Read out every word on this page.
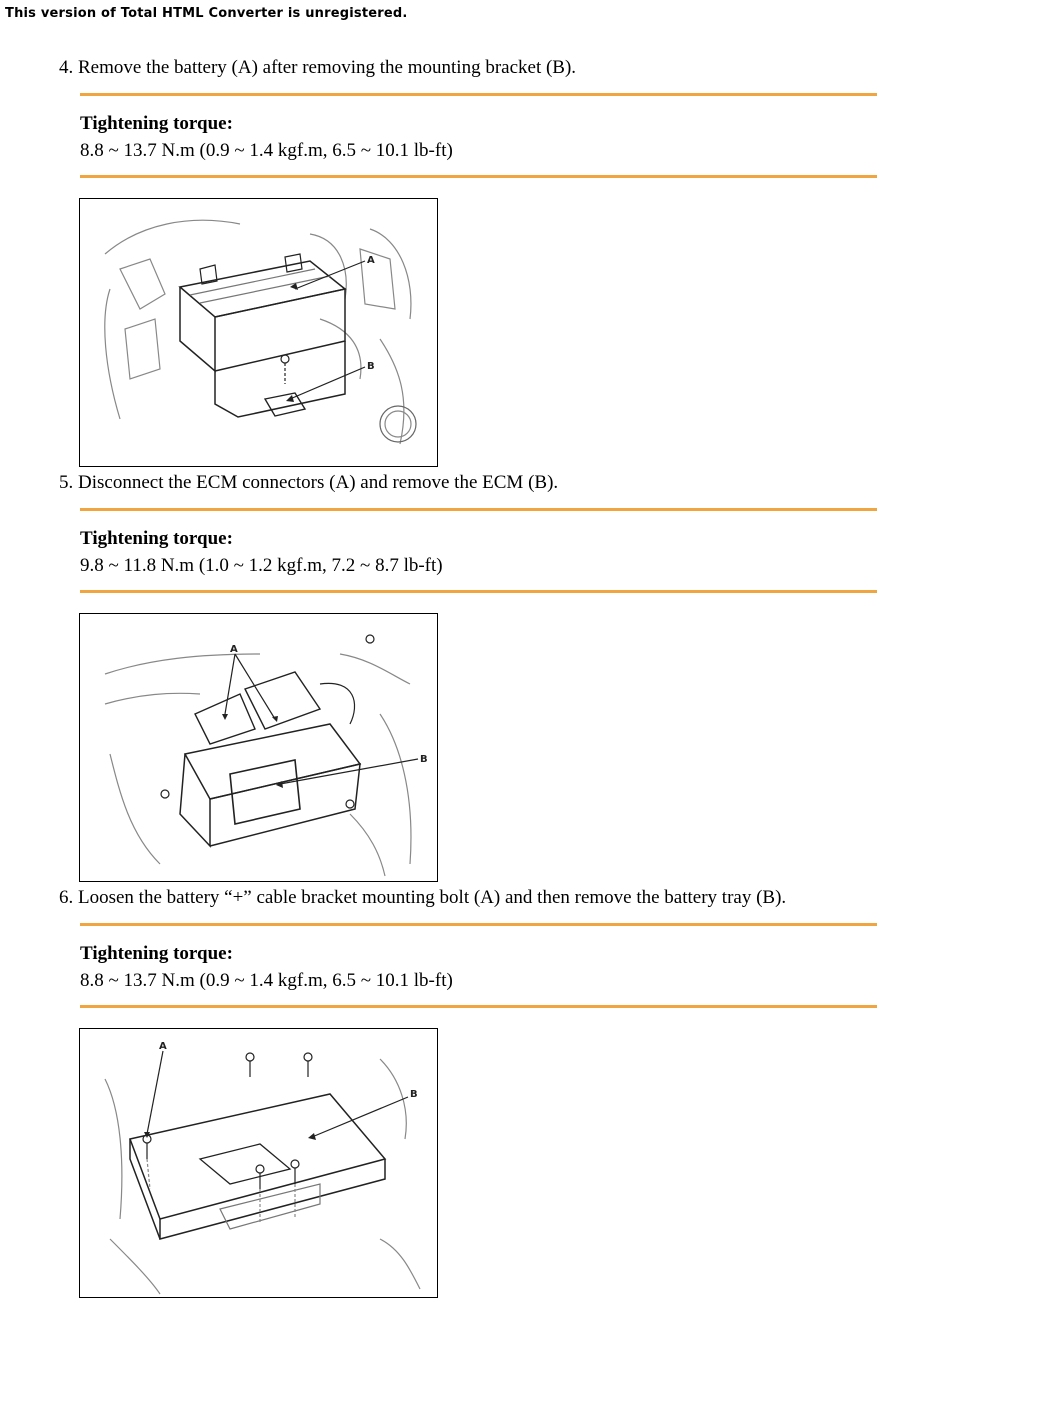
This version of Total HTML Converter is unregistered.
4. Remove the battery (A) after removing the mounting bracket (B).
Tightening torque:
8.8 ~ 13.7 N.m (0.9 ~ 1.4 kgf.m, 6.5 ~ 10.1 lb-ft)
A
B
5. Disconnect the ECM connectors (A) and remove the ECM (B).
Tightening torque:
9.8 ~ 11.8 N.m (1.0 ~ 1.2 kgf.m, 7.2 ~ 8.7 lb-ft)
A
B
6. Loosen the battery “+” cable bracket mounting bolt (A) and then remove the battery tray (B).
Tightening torque:
8.8 ~ 13.7 N.m (0.9 ~ 1.4 kgf.m, 6.5 ~ 10.1 lb-ft)
A
B
